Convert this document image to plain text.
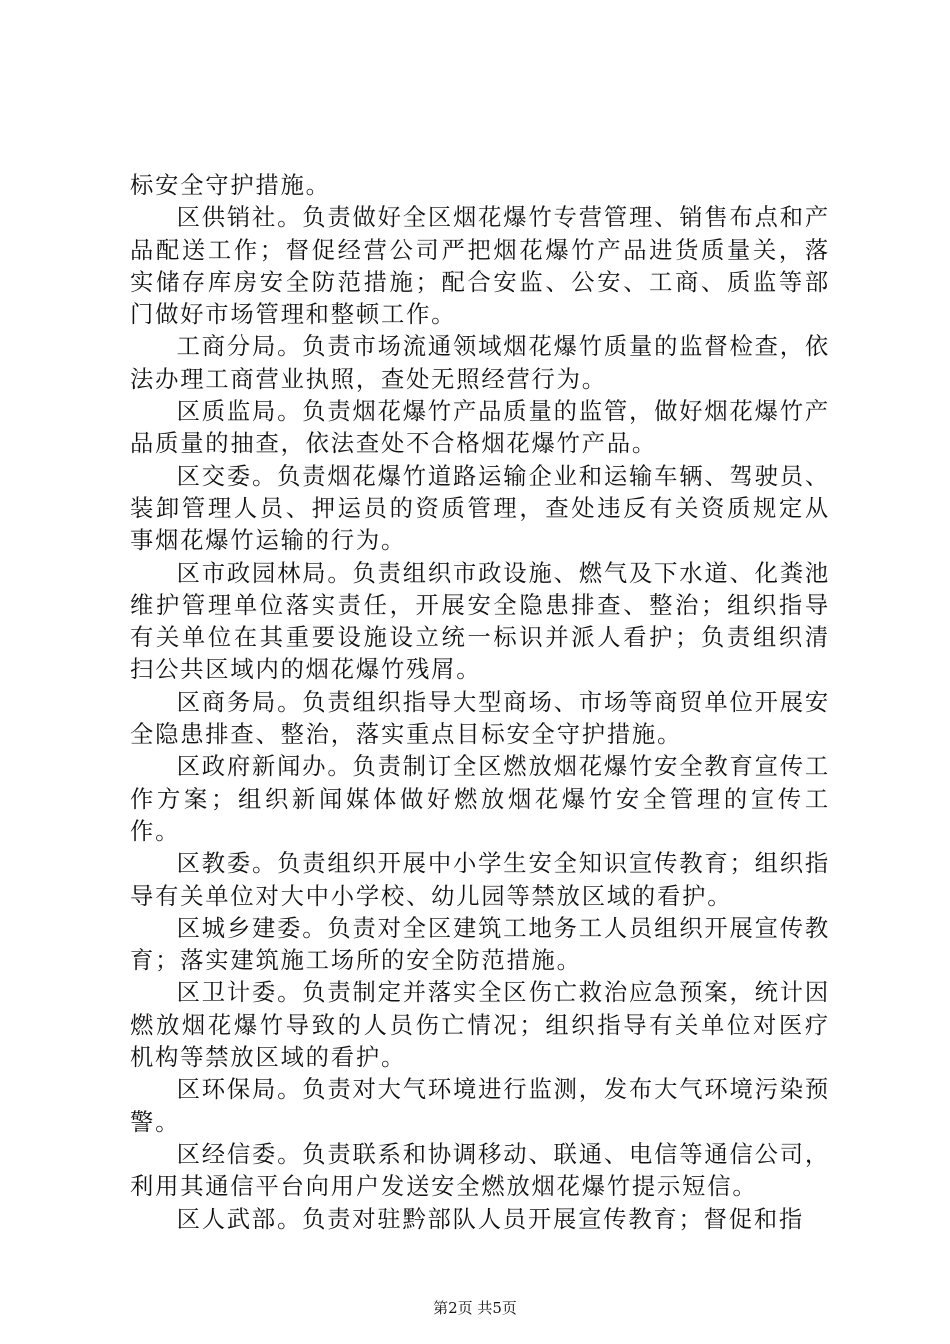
标安全守护措施。

区供销社。负责做好全区烟花爆竹专营管理、销售布点和产品配送工作；督促经营公司严把烟花爆竹产品进货质量关，落实储存库房安全防范措施；配合安监、公安、工商、质监等部门做好市场管理和整顿工作。

工商分局。负责市场流通领域烟花爆竹质量的监督检查，依法办理工商营业执照，查处无照经营行为。

区质监局。负责烟花爆竹产品质量的监管，做好烟花爆竹产品质量的抽查，依法查处不合格烟花爆竹产品。

区交委。负责烟花爆竹道路运输企业和运输车辆、驾驶员、装卸管理人员、押运员的资质管理，查处违反有关资质规定从事烟花爆竹运输的行为。

区市政园林局。负责组织市政设施、燃气及下水道、化粪池维护管理单位落实责任，开展安全隐患排查、整治；组织指导有关单位在其重要设施设立统一标识并派人看护；负责组织清扫公共区域内的烟花爆竹残屑。

区商务局。负责组织指导大型商场、市场等商贸单位开展安全隐患排查、整治，落实重点目标安全守护措施。

区政府新闻办。负责制订全区燃放烟花爆竹安全教育宣传工作方案；组织新闻媒体做好燃放烟花爆竹安全管理的宣传工作。

区教委。负责组织开展中小学生安全知识宣传教育；组织指导有关单位对大中小学校、幼儿园等禁放区域的看护。

区城乡建委。负责对全区建筑工地务工人员组织开展宣传教育；落实建筑施工场所的安全防范措施。

区卫计委。负责制定并落实全区伤亡救治应急预案，统计因燃放烟花爆竹导致的人员伤亡情况；组织指导有关单位对医疗机构等禁放区域的看护。

区环保局。负责对大气环境进行监测，发布大气环境污染预警。

区经信委。负责联系和协调移动、联通、电信等通信公司，利用其通信平台向用户发送安全燃放烟花爆竹提示短信。

区人武部。负责对驻黔部队人员开展宣传教育；督促和指

第2页 共5页
